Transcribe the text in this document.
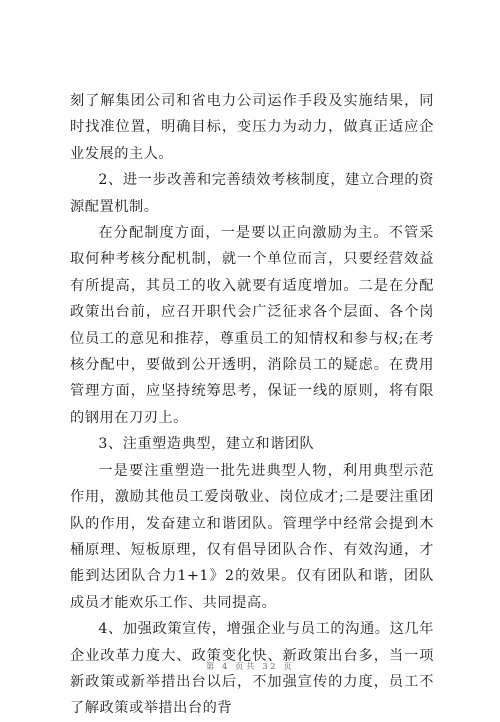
刻了解集团公司和省电力公司运作手段及实施结果，同时找准位置，明确目标，变压力为动力，做真正适应企业发展的主人。

2、进一步改善和完善绩效考核制度，建立合理的资源配置机制。

在分配制度方面，一是要以正向激励为主。不管采取何种考核分配机制，就一个单位而言，只要经营效益有所提高，其员工的收入就要有适度增加。二是在分配政策出台前，应召开职代会广泛征求各个层面、各个岗位员工的意见和推荐，尊重员工的知情权和参与权;在考核分配中，要做到公开透明，消除员工的疑虑。在费用管理方面，应坚持统筹思考，保证一线的原则，将有限的钢用在刀刃上。

3、注重塑造典型，建立和谐团队

一是要注重塑造一批先进典型人物，利用典型示范作用，激励其他员工爱岗敬业、岗位成才;二是要注重团队的作用，发奋建立和谐团队。管理学中经常会提到木桶原理、短板原理，仅有倡导团队合作、有效沟通，才能到达团队合力1+1》2的效果。仅有团队和谐，团队成员才能欢乐工作、共同提高。

4、加强政策宣传，增强企业与员工的沟通。这几年企业改革力度大、政策变化快、新政策出台多，当一项新政策或新举措出台以后，不加强宣传的力度，员工不了解政策或举措出台的背

第 4 页共 32 页
